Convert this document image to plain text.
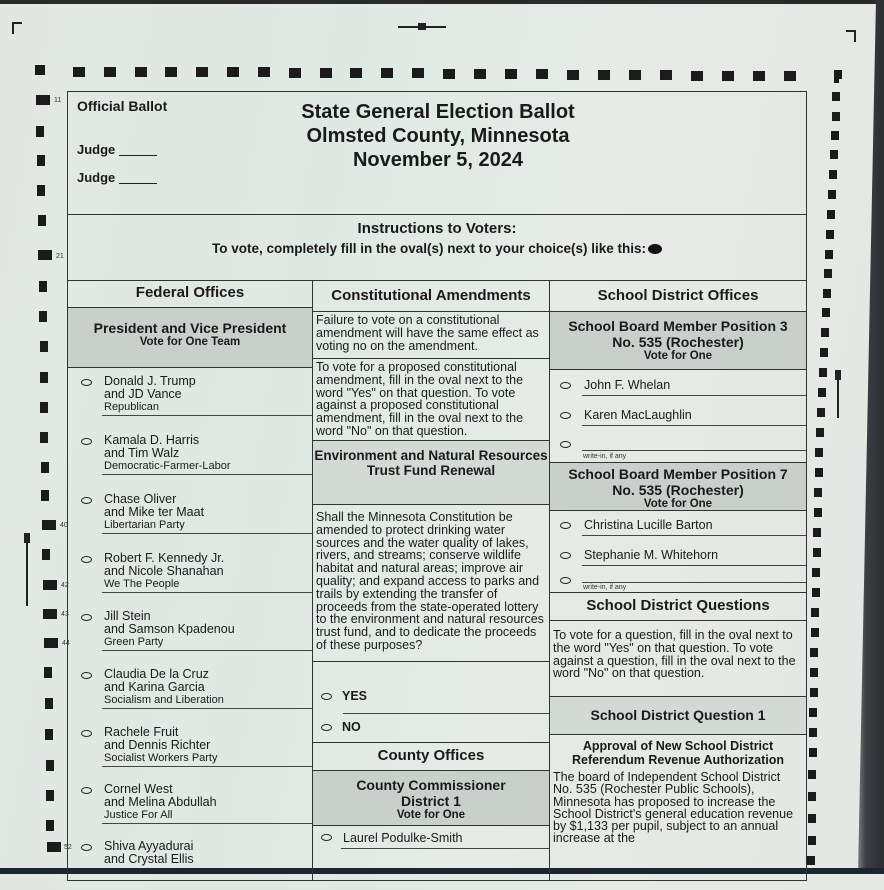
11
21
40
42
43
44
52
Official Ballot
Judge
Judge
State General Election Ballot
Olmsted County, Minnesota
November 5, 2024
Instructions to Voters:
To vote, completely fill in the oval(s) next to your choice(s) like this:
Federal Offices
President and Vice President
Vote for One Team
Donald J. Trump
and JD Vance
Republican
Kamala D. Harris
and Tim Walz
Democratic-Farmer-Labor
Chase Oliver
and Mike ter Maat
Libertarian Party
Robert F. Kennedy Jr.
and Nicole Shanahan
We The People
Jill Stein
and Samson Kpadenou
Green Party
Claudia De la Cruz
and Karina Garcia
Socialism and Liberation
Rachele Fruit
and Dennis Richter
Socialist Workers Party
Cornel West
and Melina Abdullah
Justice For All
Shiva Ayyadurai
and Crystal Ellis
Constitutional Amendments
Failure to vote on a constitutional amendment will have the same effect as voting no on the amendment.
To vote for a proposed constitutional amendment, fill in the oval next to the word "Yes" on that question. To vote against a proposed constitutional amendment, fill in the oval next to the word "No" on that question.
Environment and Natural Resources Trust Fund Renewal
Shall the Minnesota Constitution be amended to protect drinking water sources and the water quality of lakes, rivers, and streams; conserve wildlife habitat and natural areas; improve air quality; and expand access to parks and trails by extending the transfer of proceeds from the state-operated lottery to the environment and natural resources trust fund, and to dedicate the proceeds of these purposes?
YES
NO
County Offices
County Commissioner
District 1
Vote for One
Laurel Podulke-Smith
School District Offices
School Board Member Position 3
No. 535 (Rochester)
Vote for One
John F. Whelan
Karen MacLaughlin
write-in, if any
School Board Member Position 7
No. 535 (Rochester)
Vote for One
Christina Lucille Barton
Stephanie M. Whitehorn
write-in, if any
School District Questions
To vote for a question, fill in the oval next to the word "Yes" on that question. To vote against a question, fill in the oval next to the word "No" on that question.
School District Question 1
Approval of New School District Referendum Revenue Authorization
The board of Independent School District No. 535 (Rochester Public Schools), Minnesota has proposed to increase the School District's general education revenue by $1,133 per pupil, subject to an annual increase at the
